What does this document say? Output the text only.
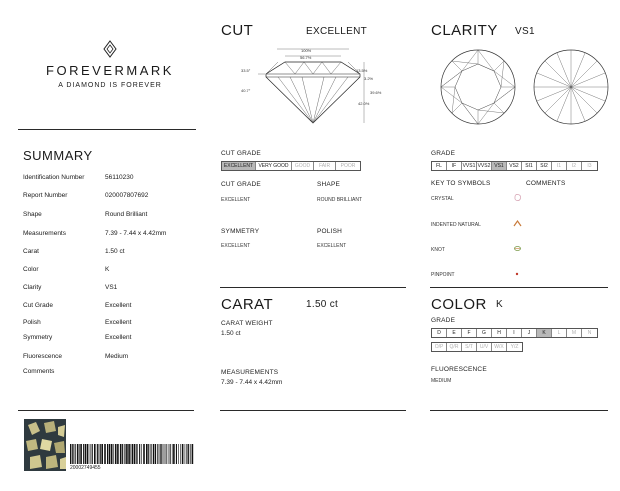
FOREVERMARK
A DIAMOND IS FOREVER
SUMMARY
Identification Number	56110230
Report Number	020007807692
Shape	Round Brilliant
Measurements	7.39 - 7.44 x 4.42mm
Carat	1.50 ct
Color	K
Clarity	VS1
Cut Grade	Excellent
Polish	Excellent
Symmetry	Excellent
Fluorescence	Medium
Comments
20002749455
CUT	EXCELLENT
100%
56.7%
33.5°	13.5%
3.2%
40.7°	39.6%
42.0%
CUT GRADE
EXCELLENT	VERY GOOD	GOOD	FAIR	POOR
CUT GRADE
EXCELLENT
SHAPE
ROUND BRILLIANT
SYMMETRY
EXCELLENT
POLISH
EXCELLENT
CARAT	1.50 ct
CARAT WEIGHT
1.50 ct
MEASUREMENTS
7.39 - 7.44 x 4.42mm
CLARITY VS1
GRADE
FL	IF	VVS1 VVS2 VS1	VS2	SI1	SI2	I1	I2	I3
KEY TO SYMBOLS	COMMENTS
CRYSTAL
INDENTED NATURAL
KNOT
PINPOINT
COLOR K
GRADE
D	E	F	G	H	I	J	K	L	M	N
O/P	Q/R	S/T	U/V	W/X	Y/Z
FLUORESCENCE
MEDIUM
